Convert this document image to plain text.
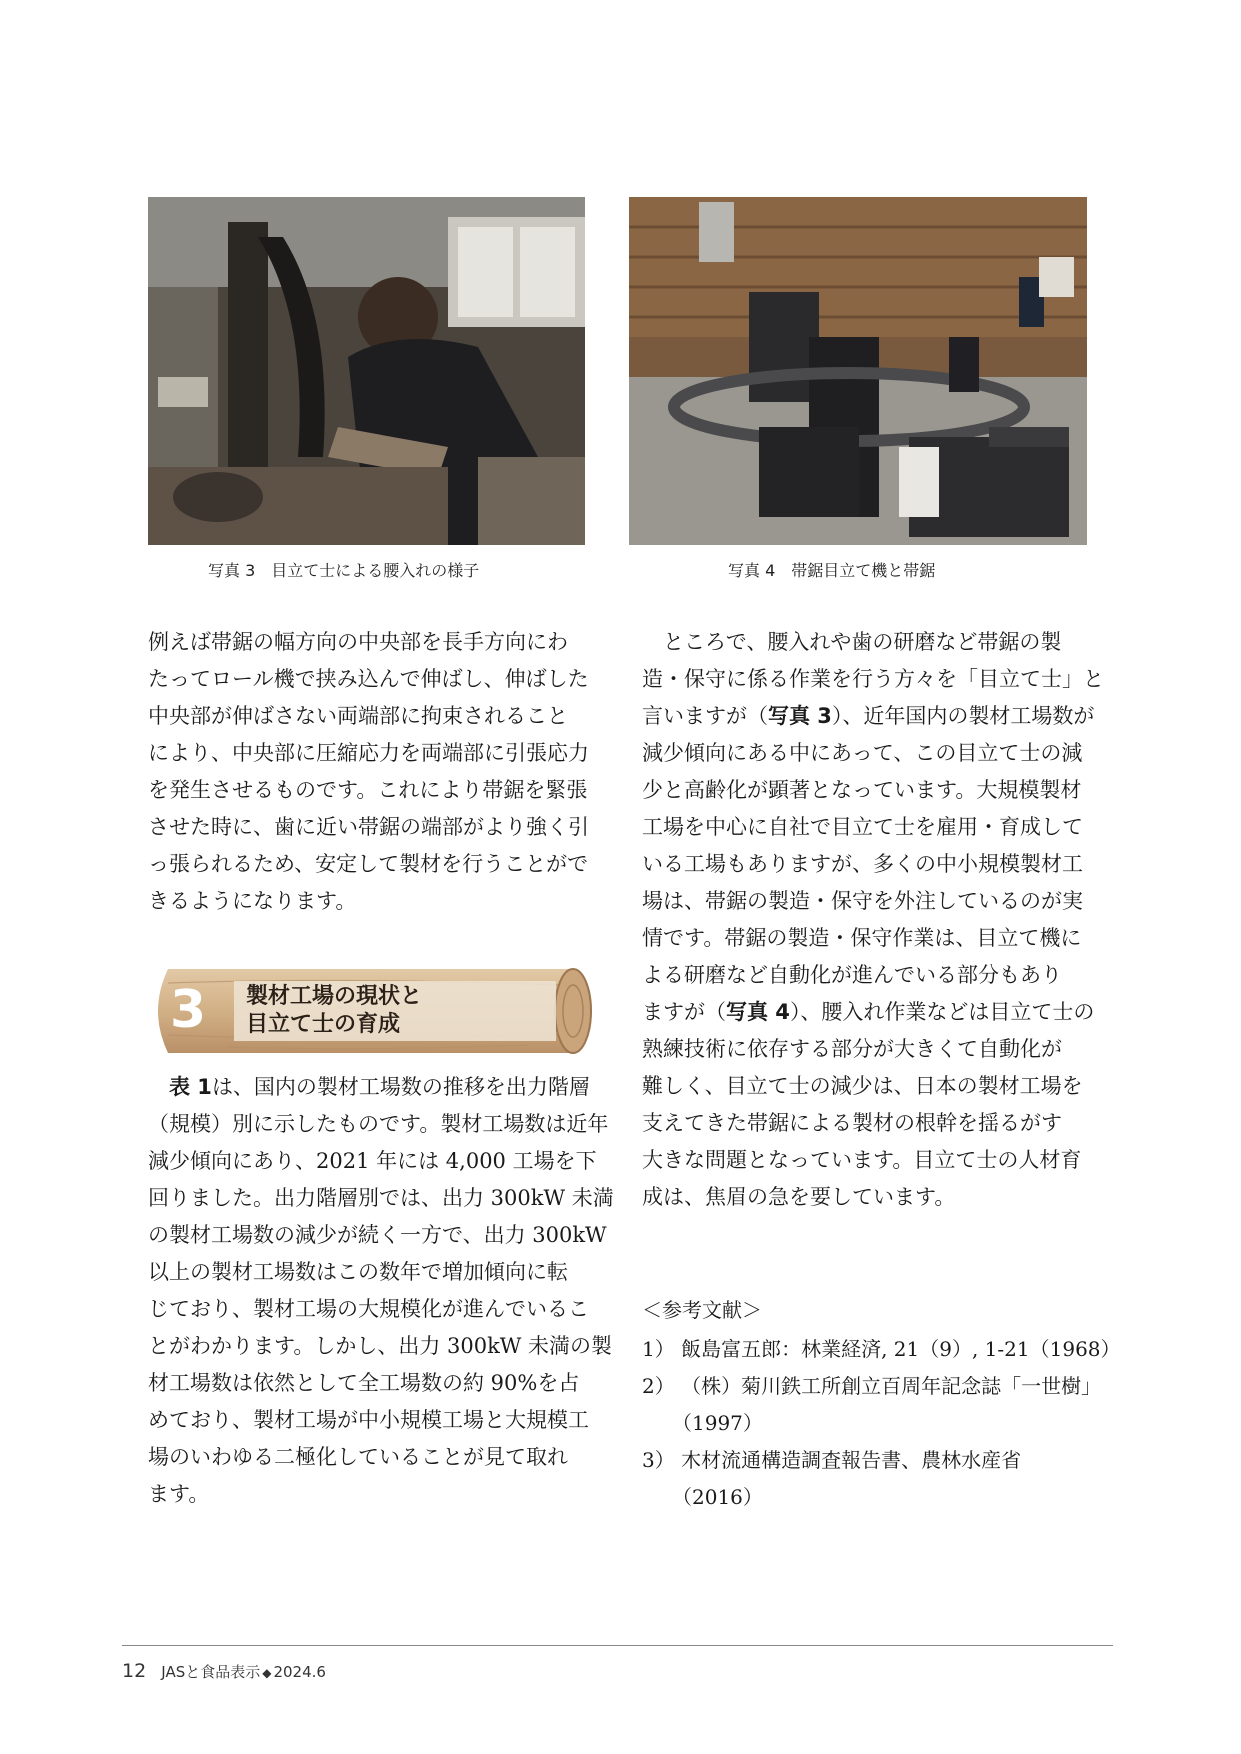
写真 3　目立て士による腰入れの様子	写真 4　帯鋸目立て機と帯鋸
例えば帯鋸の幅方向の中央部を長手方向にわ
たってロール機で挟み込んで伸ばし、伸ばした
中央部が伸ばさない両端部に拘束されること
により、中央部に圧縮応力を両端部に引張応力
を発生させるものです。これにより帯鋸を緊張
させた時に、歯に近い帯鋸の端部がより強く引
っ張られるため、安定して製材を行うことがで
きるようになります。
3 製材工場の現状と
目立て士の育成
　表 1は、国内の製材工場数の推移を出力階層
（規模）別に示したものです。製材工場数は近年
減少傾向にあり、2021 年には 4,000 工場を下
回りました。出力階層別では、出力 300kW 未満
の製材工場数の減少が続く一方で、出力 300kW
以上の製材工場数はこの数年で増加傾向に転
じており、製材工場の大規模化が進んでいるこ
とがわかります。しかし、出力 300kW 未満の製
材工場数は依然として全工場数の約 90%を占
めており、製材工場が中小規模工場と大規模工
場のいわゆる二極化していることが見て取れ
ます。
　ところで、腰入れや歯の研磨など帯鋸の製
造・保守に係る作業を行う方々を「目立て士」と
言いますが（写真 3）、近年国内の製材工場数が
減少傾向にある中にあって、この目立て士の減
少と高齢化が顕著となっています。大規模製材
工場を中心に自社で目立て士を雇用・育成して
いる工場もありますが、多くの中小規模製材工
場は、帯鋸の製造・保守を外注しているのが実
情です。帯鋸の製造・保守作業は、目立て機に
よる研磨など自動化が進んでいる部分もあり
ますが（写真 4）、腰入れ作業などは目立て士の
熟練技術に依存する部分が大きくて自動化が
難しく、目立て士の減少は、日本の製材工場を
支えてきた帯鋸による製材の根幹を揺るがす
大きな問題となっています。目立て士の人材育
成は、焦眉の急を要しています。
＜参考文献＞
1） 飯島富五郎：林業経済, 21（9）, 1-21（1968）
2） （株）菊川鉄工所創立百周年記念誌「一世樹」
（1997）
3） 木材流通構造調査報告書、農林水産省
（2016）
12 JASと食品表示 ◆ 2024.6
